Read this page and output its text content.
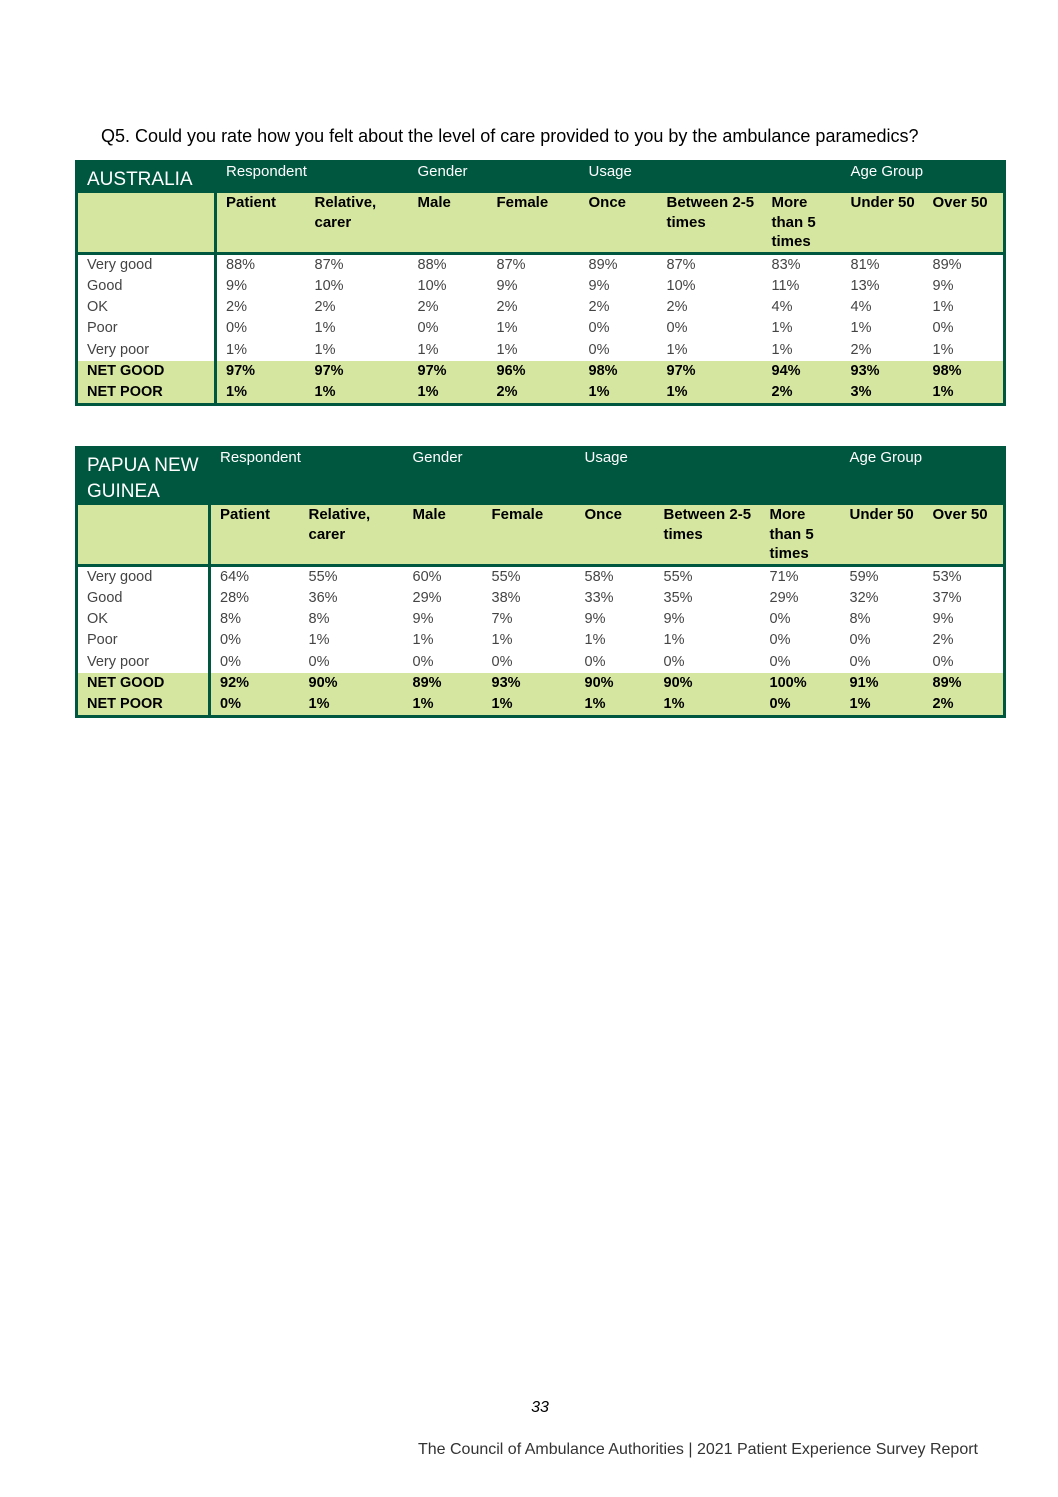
Q5. Could you rate how you felt about the level of care provided to you by the ambulance paramedics?
AUSTRALIA	Respondent		Gender		Usage			Age Group	
	Patient	Relative, carer	Male	Female	Once	Between 2-5 times	More than 5 times	Under 50	Over 50
Very good	88%	87%	88%	87%	89%	87%	83%	81%	89%
Good	9%	10%	10%	9%	9%	10%	11%	13%	9%
OK	2%	2%	2%	2%	2%	2%	4%	4%	1%
Poor	0%	1%	0%	1%	0%	0%	1%	1%	0%
Very poor	1%	1%	1%	1%	0%	1%	1%	2%	1%
NET GOOD	97%	97%	97%	96%	98%	97%	94%	93%	98%
NET POOR	1%	1%	1%	2%	1%	1%	2%	3%	1%
PAPUA NEW GUINEA	Respondent		Gender		Usage			Age Group	
	Patient	Relative, carer	Male	Female	Once	Between 2-5 times	More than 5 times	Under 50	Over 50
Very good	64%	55%	60%	55%	58%	55%	71%	59%	53%
Good	28%	36%	29%	38%	33%	35%	29%	32%	37%
OK	8%	8%	9%	7%	9%	9%	0%	8%	9%
Poor	0%	1%	1%	1%	1%	1%	0%	0%	2%
Very poor	0%	0%	0%	0%	0%	0%	0%	0%	0%
NET GOOD	92%	90%	89%	93%	90%	90%	100%	91%	89%
NET POOR	0%	1%	1%	1%	1%	1%	0%	1%	2%
33
The Council of Ambulance Authorities | 2021 Patient Experience Survey Report
